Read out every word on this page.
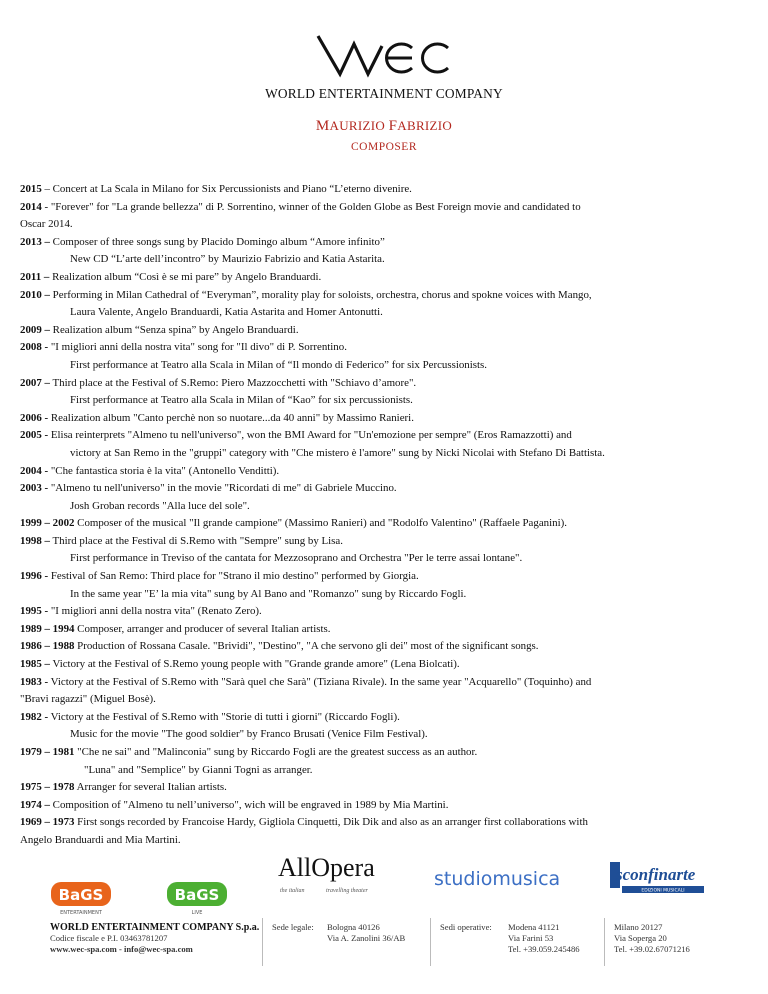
WORLD ENTERTAINMENT COMPANY
MAURIZIO FABRIZIO
COMPOSER
2015 – Concert at La Scala in Milano for Six Percussionists and Piano “L’eterno divenire.
2014 - "Forever" for "La grande bellezza" di P. Sorrentino, winner of the Golden Globe as Best Foreign movie and candidated to
Oscar 2014.
2013 – Composer of three songs sung by Placido Domingo album “Amore infinito”
New CD “L’arte dell’incontro” by Maurizio Fabrizio and Katia Astarita.
2011 – Realization album “Così è se mi pare” by Angelo Branduardi.
2010 – Performing in Milan Cathedral of “Everyman”, morality play for soloists, orchestra, chorus and spokne voices with Mango,
Laura Valente, Angelo Branduardi, Katia Astarita and Homer Antonutti.
2009 – Realization album “Senza spina” by Angelo Branduardi.
2008 - "I migliori anni della nostra vita" song for "Il divo" di P. Sorrentino.
First performance at Teatro alla Scala in Milan of “Il mondo di Federico” for six Percussionists.
2007 – Third place at the Festival of S.Remo: Piero Mazzocchetti with "Schiavo d’amore".
First performance at Teatro alla Scala in Milan of “Kao” for six percussionists.
2006 - Realization album "Canto perchè non so nuotare...da 40 anni" by Massimo Ranieri.
2005 - Elisa reinterprets "Almeno tu nell'universo", won the BMI Award for "Un'emozione per sempre" (Eros Ramazzotti) and
victory at San Remo in the "gruppi" category with "Che mistero è l'amore" sung by Nicki Nicolai with Stefano Di Battista.
2004 - "Che fantastica storia è la vita" (Antonello Venditti).
2003 - "Almeno tu nell'universo" in the movie "Ricordati di me" di Gabriele Muccino.
Josh Groban records "Alla luce del sole".
1999 – 2002 Composer of the musical "Il grande campione" (Massimo Ranieri) and "Rodolfo Valentino" (Raffaele Paganini).
1998 – Third place at the Festival di S.Remo with "Sempre" sung by Lisa.
First performance in Treviso of the cantata for Mezzosoprano and Orchestra "Per le terre assai lontane".
1996 - Festival of San Remo: Third place for "Strano il mio destino" performed by Giorgia.
In the same year "E’ la mia vita" sung by Al Bano and "Romanzo" sung by Riccardo Fogli.
1995 - "I migliori anni della nostra vita" (Renato Zero).
1989 – 1994 Composer, arranger and producer of several Italian artists.
1986 – 1988 Production of Rossana Casale. "Brividi", "Destino", "A che servono gli dei" most of the significant songs.
1985 – Victory at the Festival of S.Remo young people with "Grande grande amore" (Lena Biolcati).
1983 - Victory at the Festival of S.Remo with "Sarà quel che Sarà" (Tiziana Rivale). In the same year "Acquarello" (Toquinho) and
"Bravi ragazzi" (Miguel Bosè).
1982 - Victory at the Festival of S.Remo with "Storie di tutti i giorni" (Riccardo Fogli).
Music for the movie "The good soldier" by Franco Brusati (Venice Film Festival).
1979 – 1981 "Che ne sai" and "Malinconia" sung by Riccardo Fogli are the greatest success as an author.
"Luna" and "Semplice" by Gianni Togni as arranger.
1975 – 1978 Arranger for several Italian artists.
1974 – Composition of "Almeno tu nell’universo", wich will be engraved in 1989 by Mia Martini.
1969 – 1973 First songs recorded by Francoise Hardy, Gigliola Cinquetti, Dik Dik and also as an arranger first collaborations with
Angelo Branduardi and Mia Martini.
BaGS
ENTERTAINMENT
BaGS
LIVE
AllOpera
the italian	travelling theater
studiomusica	sconfinarte
EDIZIONI MUSICALI
WORLD ENTERTAINMENT COMPANY S.p.a.
Codice fiscale e P.I. 03463781207
www.wec-spa.com - info@wec-spa.com
Sede legale: Bologna 40126
Via A. Zanolini 36/AB
Sedi operative: Modena 41121
Via Farini 53
Tel. +39.059.245486
Milano 20127
Via Soperga 20
Tel. +39.02.67071216
